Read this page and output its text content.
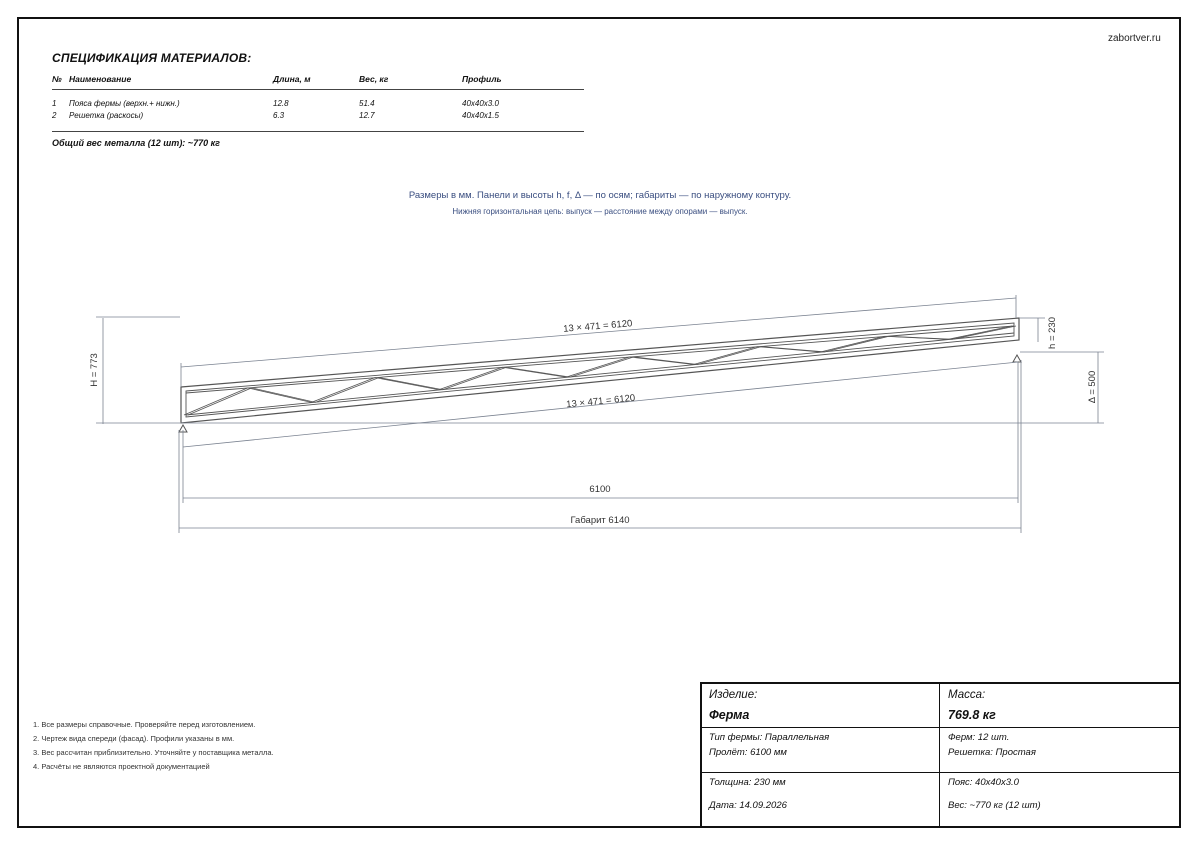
zabortver.ru
СПЕЦИФИКАЦИЯ МАТЕРИАЛОВ:
№ Наименование	Длина, м	Вес, кг	Профиль
1 Пояса фермы (верхн.+ нижн.)	12.8	51.4	40x40x3.0
2 Решетка (раскосы)	6.3	12.7	40x40x1.5
Общий вес металла (12 шт): ~770 кг
Размеры в мм. Панели и высоты h, f, Δ — по осям; габариты — по наружному контуру.
Нижняя горизонтальная цепь: выпуск — расстояние между опорами — выпуск.
13 × 471 = 6120
13 × 471 = 6120
H = 773
h = 230
Δ = 500
6100
Габарит 6140
1. Все размеры справочные. Проверяйте перед изготовлением.
2. Чертеж вида спереди (фасад). Профили указаны в мм.
3. Вес рассчитан приблизительно. Уточняйте у поставщика металла.
4. Расчёты не являются проектной документацией
Изделие:
Ферма
Масса:
769.8 кг
Тип фермы: Параллельная
Пролёт: 6100 мм
Ферм: 12 шт.
Решетка: Простая
Толщина: 230 мм
Дата: 14.09.2026
Пояс: 40x40x3.0
Вес: ~770 кг (12 шт)
